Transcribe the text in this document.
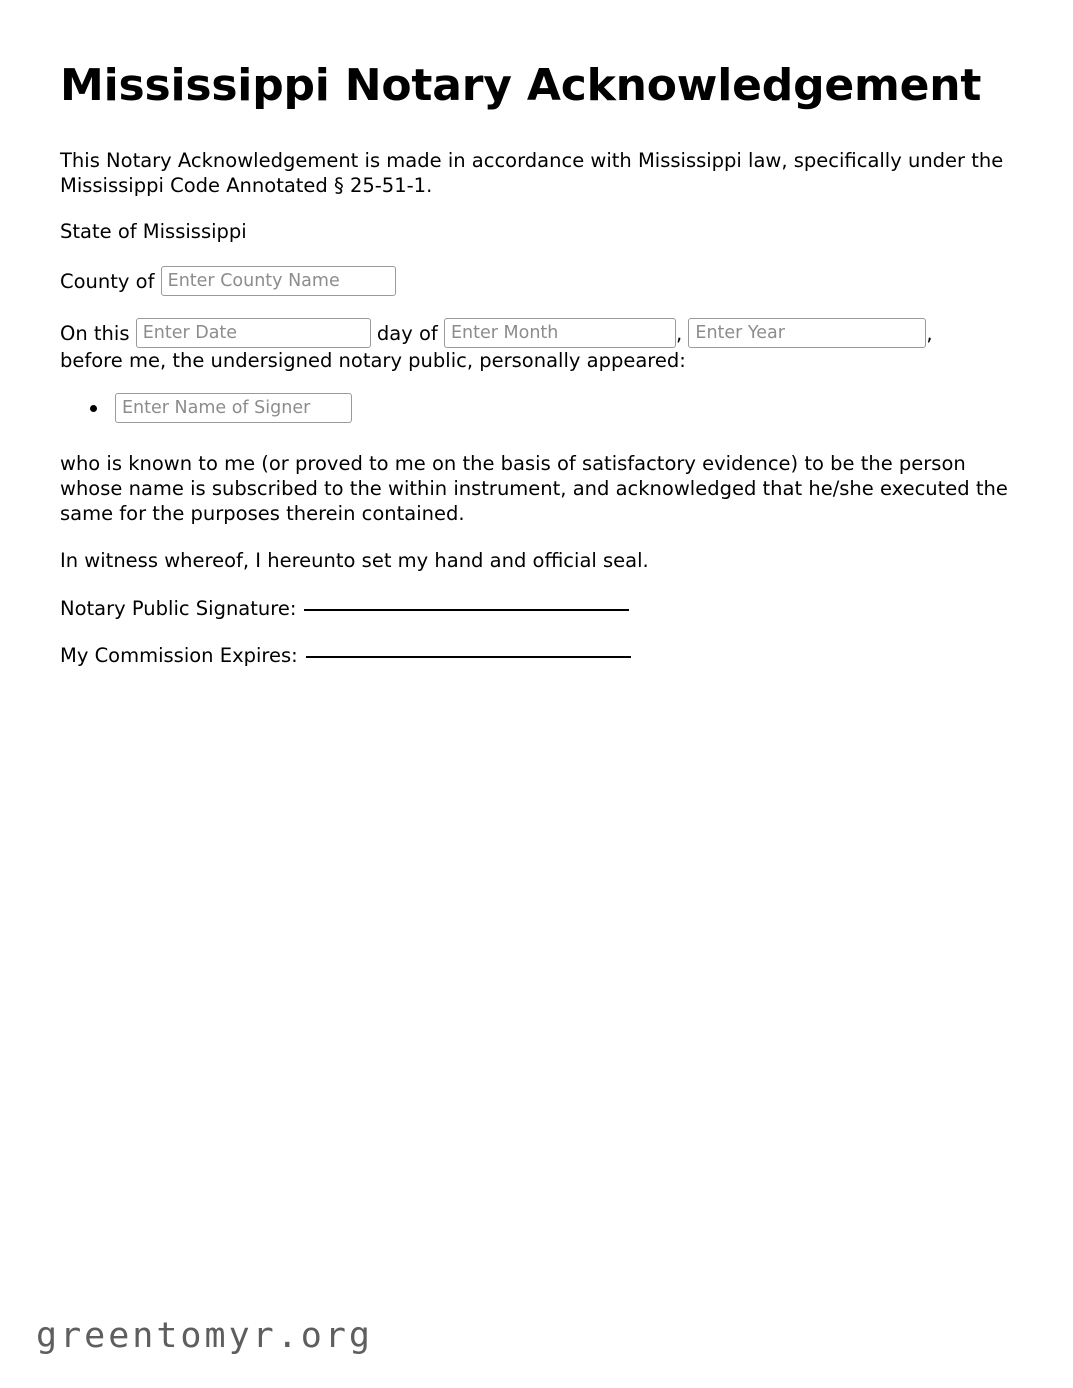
Mississippi Notary Acknowledgement

This Notary Acknowledgement is made in accordance with Mississippi law, specifically under the Mississippi Code Annotated § 25-51-1.

State of Mississippi

County of

Enter County Name
On this

Enter Date
	day of

Enter Month	,

Enter Year	,

before me, the undersigned notary public, personally appeared:

Enter Name of Signer

who is known to me (or proved to me on the basis of satisfactory evidence) to be the person whose name is subscribed to the within instrument, and acknowledged that he/she executed the same for the purposes therein contained.

In witness whereof, I hereunto set my hand and official seal.

Notary Public Signature:
My Commission Expires:
greentomyr.org
